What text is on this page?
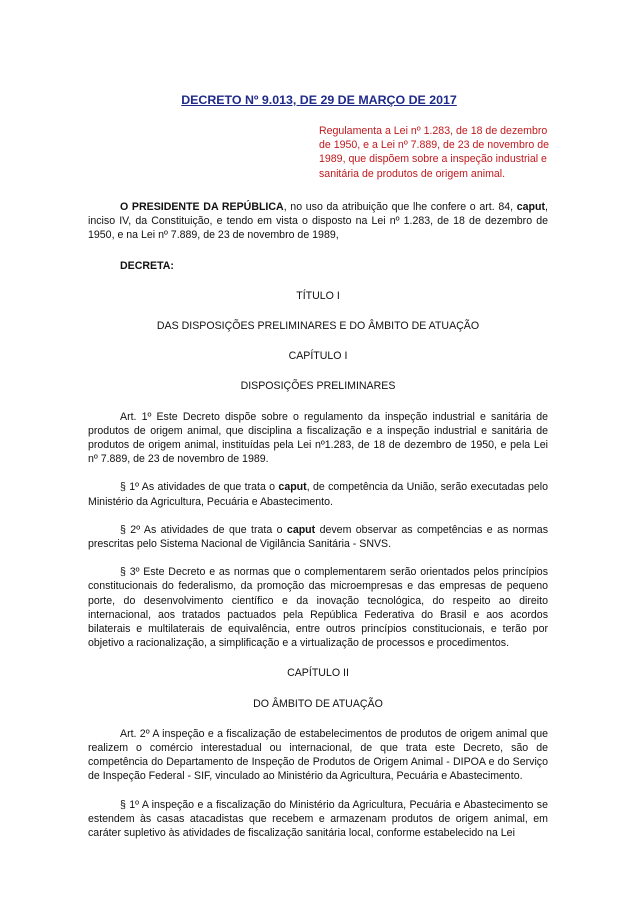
DECRETO Nº 9.013, DE 29 DE MARÇO DE 2017
Regulamenta a Lei nº 1.283, de 18 de dezembro de 1950, e a Lei nº 7.889, de 23 de novembro de 1989, que dispõem sobre a inspeção industrial e sanitária de produtos de origem animal.

O PRESIDENTE DA REPÚBLICA, no uso da atribuição que lhe confere o art. 84, caput, inciso IV, da Constituição, e tendo em vista o disposto na Lei nº 1.283, de 18 de dezembro de 1950, e na Lei nº 7.889, de 23 de novembro de 1989,

DECRETA:

TÍTULO I

DAS DISPOSIÇÕES PRELIMINARES E DO ÂMBITO DE ATUAÇÃO

CAPÍTULO I

DISPOSIÇÕES PRELIMINARES

Art. 1º Este Decreto dispõe sobre o regulamento da inspeção industrial e sanitária de produtos de origem animal, que disciplina a fiscalização e a inspeção industrial e sanitária de produtos de origem animal, instituídas pela Lei nº1.283, de 18 de dezembro de 1950, e pela Lei nº 7.889, de 23 de novembro de 1989.

§ 1º As atividades de que trata o caput, de competência da União, serão executadas pelo Ministério da Agricultura, Pecuária e Abastecimento.

§ 2º As atividades de que trata o caput devem observar as competências e as normas prescritas pelo Sistema Nacional de Vigilância Sanitária - SNVS.

§ 3º Este Decreto e as normas que o complementarem serão orientados pelos princípios constitucionais do federalismo, da promoção das microempresas e das empresas de pequeno porte, do desenvolvimento científico e da inovação tecnológica, do respeito ao direito internacional, aos tratados pactuados pela República Federativa do Brasil e aos acordos bilaterais e multilaterais de equivalência, entre outros princípios constitucionais, e terão por objetivo a racionalização, a simplificação e a virtualização de processos e procedimentos.

CAPÍTULO II

DO ÂMBITO DE ATUAÇÃO

Art. 2º A inspeção e a fiscalização de estabelecimentos de produtos de origem animal que realizem o comércio interestadual ou internacional, de que trata este Decreto, são de competência do Departamento de Inspeção de Produtos de Origem Animal - DIPOA e do Serviço de Inspeção Federal - SIF, vinculado ao Ministério da Agricultura, Pecuária e Abastecimento.

§ 1º A inspeção e a fiscalização do Ministério da Agricultura, Pecuária e Abastecimento se estendem às casas atacadistas que recebem e armazenam produtos de origem animal, em caráter supletivo às atividades de fiscalização sanitária local, conforme estabelecido na Lei
